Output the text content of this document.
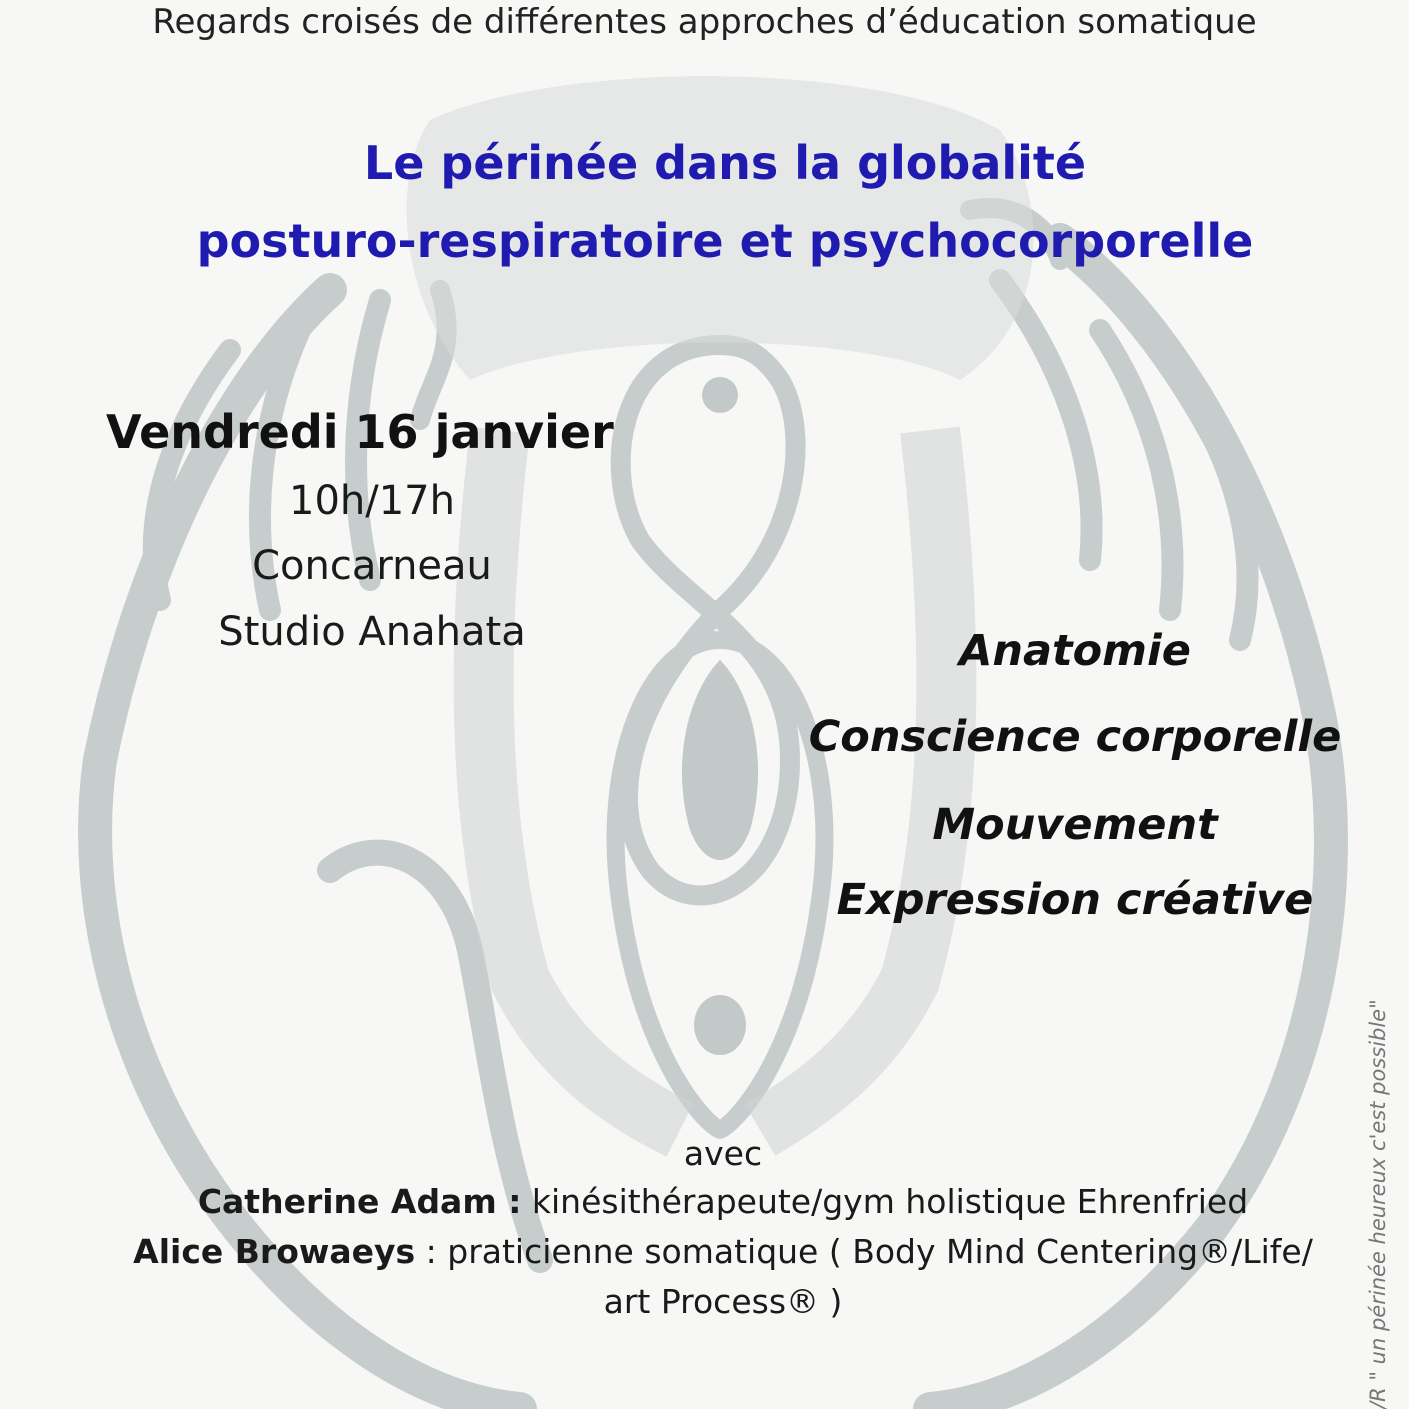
Regards croisés de différentes approches d’éducation somatique
Le périnée dans la globalité
posturo-respiratoire et psychocorporelle
Vendredi 16 janvier
10h/17h
Concarneau
Studio Anahata	Anatomie
Conscience corporelle
Mouvement
Expression créative
avec
Catherine Adam : kinésithérapeute/gym holistique Ehrenfried
Alice Browaeys : praticienne somatique ( Body Mind Centering®/Life/
art Process® )	/R " un périnée heureux c'est possible"
